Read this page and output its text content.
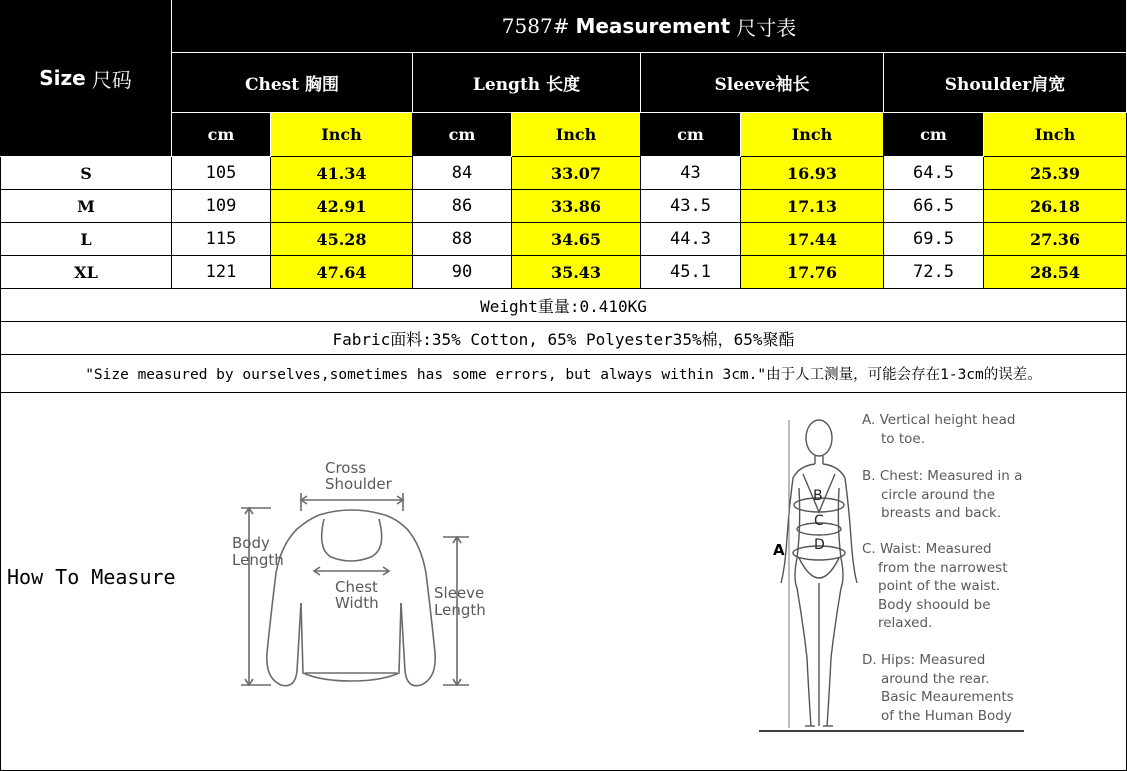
Size 尺码
7587# Measurement 尺寸表
Chest 胸围	Length 长度	Sleeve袖长	Shoulder肩宽
cm	Inch	cm	Inch	cm	Inch	cm	Inch
S	105	41.34	84	33.07	43	16.93	64.5	25.39
M	109	42.91	86	33.86	43.5	17.13	66.5	26.18
L	115	45.28	88	34.65	44.3	17.44	69.5	27.36
XL	121	47.64	90	35.43	45.1	17.76	72.5	28.54
Weight重量:0.410KG
Fabric面料:35% Cotton, 65% Polyester35%棉，65%聚酯
"Size measured by ourselves,sometimes has some errors, but always within 3cm."由于人工测量，可能会存在1-3cm的误差。
How To Measure
Cross
Shoulder
Body
Length
Chest
Width
Sleeve
Length
A
B
C
D
A. Vertical height head
to toe.
B. Chest: Measured in a
circle around the
breasts and back.
C. Waist: Measured
from the narrowest
point of the waist.
Body shoould be
relaxed.
D. Hips: Measured
around the rear.
Basic Meaurements
of the Human Body
